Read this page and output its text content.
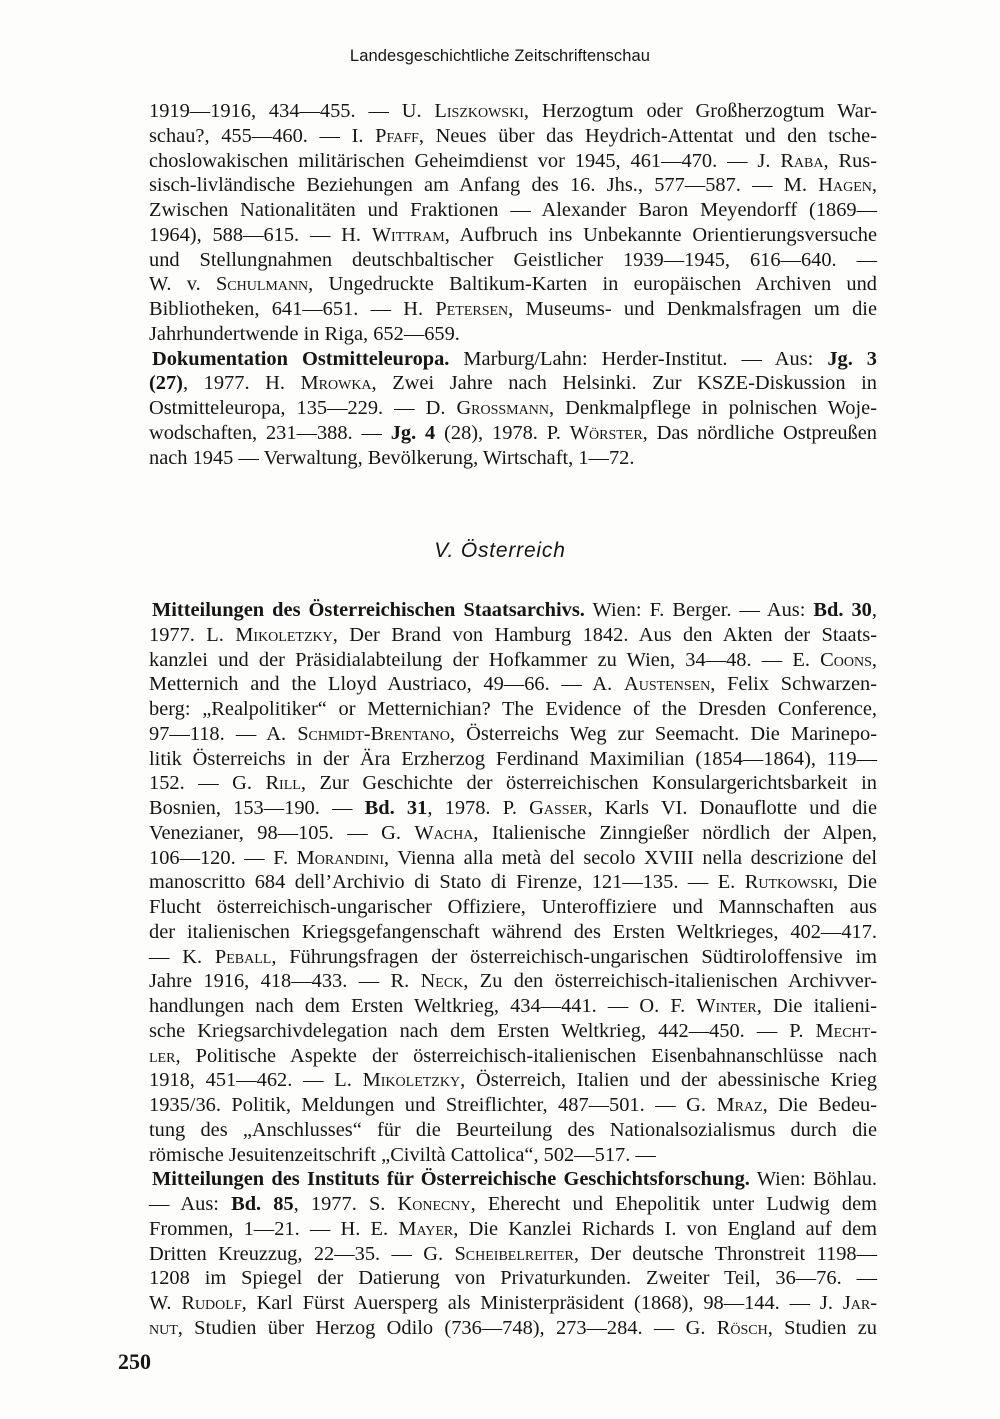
Landesgeschichtliche Zeitschriftenschau
1919—1916, 434—455. — U. Liszkowski, Herzogtum oder Großherzogtum War-
schau?, 455—460. — I. Pfaff, Neues über das Heydrich-Attentat und den tsche-
choslowakischen militärischen Geheimdienst vor 1945, 461—470. — J. Raba, Rus-
sisch-livländische Beziehungen am Anfang des 16. Jhs., 577—587. — M. Hagen,
Zwischen Nationalitäten und Fraktionen — Alexander Baron Meyendorff (1869—
1964), 588—615. — H. Wittram, Aufbruch ins Unbekannte Orientierungsversuche
und Stellungnahmen deutschbaltischer Geistlicher 1939—1945, 616—640. —
W. v. Schulmann, Ungedruckte Baltikum-Karten in europäischen Archiven und
Bibliotheken, 641—651. — H. Petersen, Museums- und Denkmalsfragen um die
Jahrhundertwende in Riga, 652—659.
Dokumentation Ostmitteleuropa. Marburg/Lahn: Herder-Institut. — Aus: Jg. 3
(27), 1977. H. Mrowka, Zwei Jahre nach Helsinki. Zur KSZE-Diskussion in
Ostmitteleuropa, 135—229. — D. Grossmann, Denkmalpflege in polnischen Woje-
wodschaften, 231—388. — Jg. 4 (28), 1978. P. Wörster, Das nördliche Ostpreußen
nach 1945 — Verwaltung, Bevölkerung, Wirtschaft, 1—72.
V. Österreich
Mitteilungen des Österreichischen Staatsarchivs. Wien: F. Berger. — Aus: Bd. 30,
1977. L. Mikoletzky, Der Brand von Hamburg 1842. Aus den Akten der Staats-
kanzlei und der Präsidialabteilung der Hofkammer zu Wien, 34—48. — E. Coons,
Metternich and the Lloyd Austriaco, 49—66. — A. Austensen, Felix Schwarzen-
berg: „Realpolitiker“ or Metternichian? The Evidence of the Dresden Conference,
97—118. — A. Schmidt-Brentano, Österreichs Weg zur Seemacht. Die Marinepo-
litik Österreichs in der Ära Erzherzog Ferdinand Maximilian (1854—1864), 119—
152. — G. Rill, Zur Geschichte der österreichischen Konsulargerichtsbarkeit in
Bosnien, 153—190. — Bd. 31, 1978. P. Gasser, Karls VI. Donauflotte und die
Venezianer, 98—105. — G. Wacha, Italienische Zinngießer nördlich der Alpen,
106—120. — F. Morandini, Vienna alla metà del secolo XVIII nella descrizione del
manoscritto 684 dell’Archivio di Stato di Firenze, 121—135. — E. Rutkowski, Die
Flucht österreichisch-ungarischer Offiziere, Unteroffiziere und Mannschaften aus
der italienischen Kriegsgefangenschaft während des Ersten Weltkrieges, 402—417.
— K. Peball, Führungsfragen der österreichisch-ungarischen Südtiroloffensive im
Jahre 1916, 418—433. — R. Neck, Zu den österreichisch-italienischen Archivver-
handlungen nach dem Ersten Weltkrieg, 434—441. — O. F. Winter, Die italieni-
sche Kriegsarchivdelegation nach dem Ersten Weltkrieg, 442—450. — P. Mecht-
ler, Politische Aspekte der österreichisch-italienischen Eisenbahnanschlüsse nach
1918, 451—462. — L. Mikoletzky, Österreich, Italien und der abessinische Krieg
1935/36. Politik, Meldungen und Streiflichter, 487—501. — G. Mraz, Die Bedeu-
tung des „Anschlusses“ für die Beurteilung des Nationalsozialismus durch die
römische Jesuitenzeitschrift „Civiltà Cattolica“, 502—517. —
Mitteilungen des Instituts für Österreichische Geschichtsforschung. Wien: Böhlau.
— Aus: Bd. 85, 1977. S. Konecny, Eherecht und Ehepolitik unter Ludwig dem
Frommen, 1—21. — H. E. Mayer, Die Kanzlei Richards I. von England auf dem
Dritten Kreuzzug, 22—35. — G. Scheibelreiter, Der deutsche Thronstreit 1198—
1208 im Spiegel der Datierung von Privaturkunden. Zweiter Teil, 36—76. —
W. Rudolf, Karl Fürst Auersperg als Ministerpräsident (1868), 98—144. — J. Jar-
nut, Studien über Herzog Odilo (736—748), 273—284. — G. Rösch, Studien zu
250
